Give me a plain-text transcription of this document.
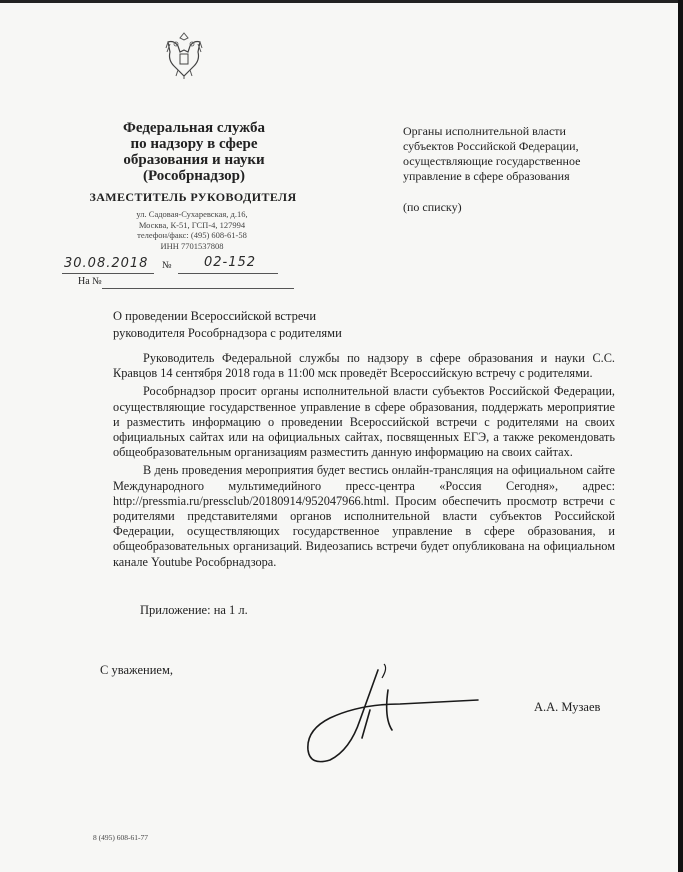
Федеральная служба
по надзору в сфере
образования и науки
(Рособрнадзор)
ЗАМЕСТИТЕЛЬ РУКОВОДИТЕЛЯ
ул. Садовая-Сухаревская, д.16,
Москва, К-51, ГСП-4, 127994
телефон/факс: (495) 608-61-58
ИНН 7701537808
30.08.2018 № 02-152
На №
Органы исполнительной власти
субъектов Российской Федерации,
осуществляющие государственное
управление в сфере образования
(по списку)
О проведении Всероссийской встречи
руководителя Рособрнадзора с родителями

Руководитель Федеральной службы по надзору в сфере образования и науки С.С. Кравцов 14 сентября 2018 года в 11:00 мск проведёт Всероссийскую встречу с родителями.

Рособрнадзор просит органы исполнительной власти субъектов Российской Федерации, осуществляющие государственное управление в сфере образования, поддержать мероприятие и разместить информацию о проведении Всероссийской встречи с родителями на своих официальных сайтах или на официальных сайтах, посвященных ЕГЭ, а также рекомендовать общеобразовательным организациям разместить данную информацию на своих сайтах.

В день проведения мероприятия будет вестись онлайн-трансляция на официальном сайте Международного мультимедийного пресс-центра «Россия Сегодня», адрес: http://pressmia.ru/pressclub/20180914/952047966.html. Просим обеспечить просмотр встречи с родителями представителями органов исполнительной власти субъектов Российской Федерации, осуществляющих государственное управление в сфере образования, и общеобразовательных организаций. Видеозапись встречи будет опубликована на официальном канале Youtube Рособрнадзора.

Приложение: на 1 л.
С уважением,
А.А. Музаев
8 (495) 608-61-77
